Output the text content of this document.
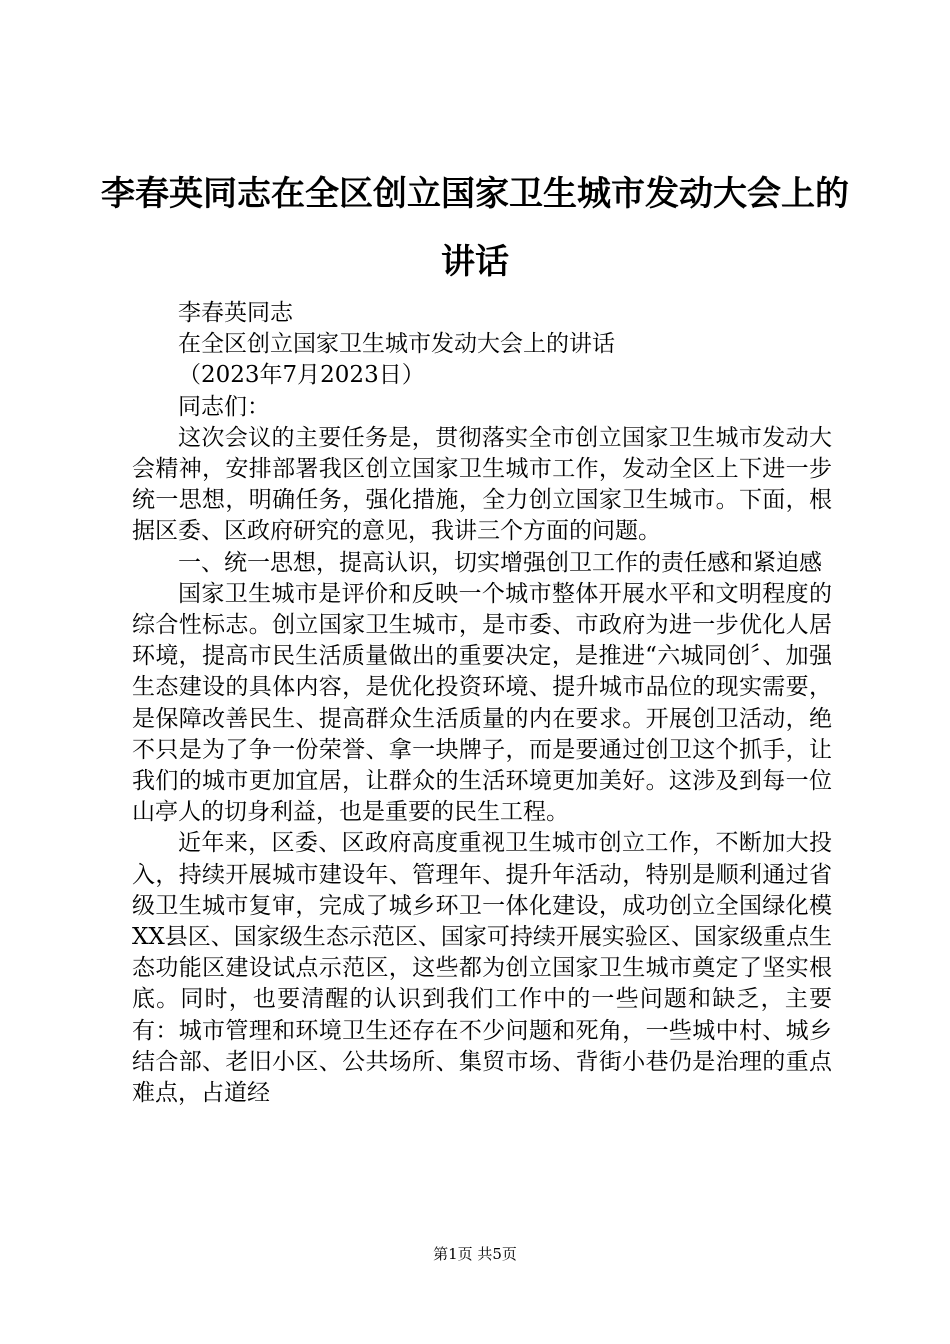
李春英同志在全区创立国家卫生城市发动大会上的讲话

李春英同志

在全区创立国家卫生城市发动大会上的讲话

（2023年7月2023日）

同志们：

这次会议的主要任务是，贯彻落实全市创立国家卫生城市发动大会精神，安排部署我区创立国家卫生城市工作，发动全区上下进一步统一思想，明确任务，强化措施，全力创立国家卫生城市。下面，根据区委、区政府研究的意见，我讲三个方面的问题。

一、统一思想，提高认识，切实增强创卫工作的责任感和紧迫感

国家卫生城市是评价和反映一个城市整体开展水平和文明程度的综合性标志。创立国家卫生城市，是市委、市政府为进一步优化人居环境，提高市民生活质量做出的重要决定，是推进“六城同创〞、加强生态建设的具体内容，是优化投资环境、提升城市品位的现实需要，是保障改善民生、提高群众生活质量的内在要求。开展创卫活动，绝不只是为了争一份荣誉、拿一块牌子，而是要通过创卫这个抓手，让我们的城市更加宜居，让群众的生活环境更加美好。这涉及到每一位山亭人的切身利益，也是重要的民生工程。

近年来，区委、区政府高度重视卫生城市创立工作，不断加大投入，持续开展城市建设年、管理年、提升年活动，特别是顺利通过省级卫生城市复审，完成了城乡环卫一体化建设，成功创立全国绿化模XX县区、国家级生态示范区、国家可持续开展实验区、国家级重点生态功能区建设试点示范区，这些都为创立国家卫生城市奠定了坚实根底。同时，也要清醒的认识到我们工作中的一些问题和缺乏，主要有：城市管理和环境卫生还存在不少问题和死角，一些城中村、城乡结合部、老旧小区、公共场所、集贸市场、背街小巷仍是治理的重点难点，占道经

第1页 共5页
